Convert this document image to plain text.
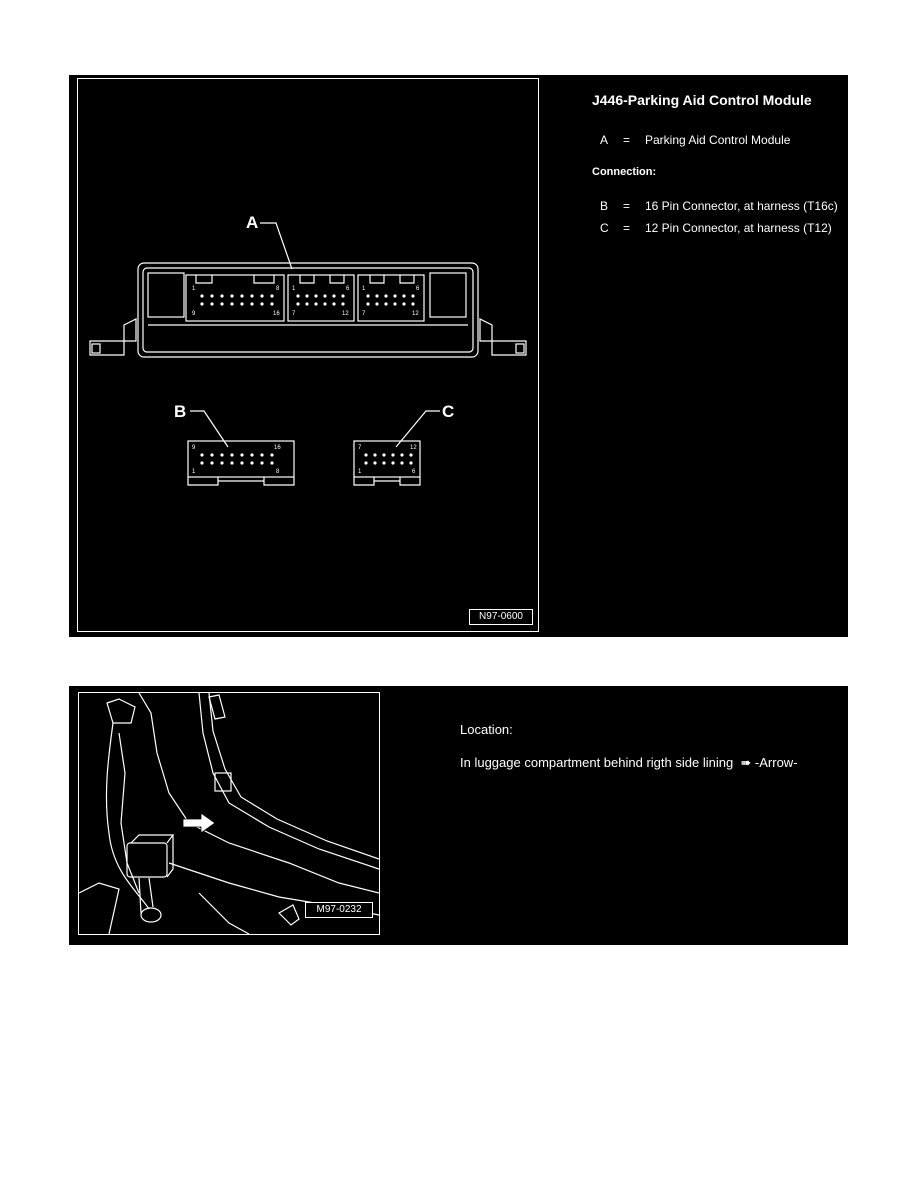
1	8
9	16
1	6
7	12
1	6
7	12
9	16
1	8
7	12
1	6
A
B	C
N97-0600
J446-Parking Aid Control Module
A = Parking Aid Control Module
Connection:
B = 16 Pin Connector, at harness (T16c)
C = 12 Pin Connector, at harness (T12)
M97-0232
Location:
In luggage compartment behind rigth side lining  ➠ -Arrow-
